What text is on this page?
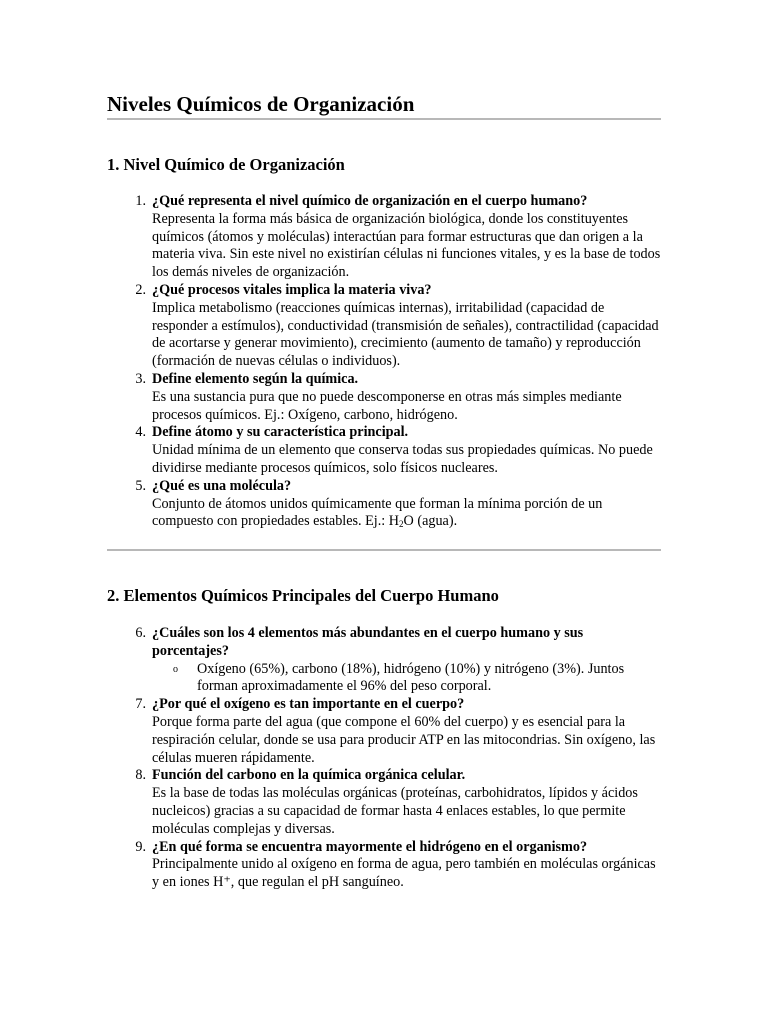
Niveles Químicos de Organización
1. Nivel Químico de Organización
1. ¿Qué representa el nivel químico de organización en el cuerpo humano?
Representa la forma más básica de organización biológica, donde los constituyentes químicos (átomos y moléculas) interactúan para formar estructuras que dan origen a la materia viva. Sin este nivel no existirían células ni funciones vitales, y es la base de todos los demás niveles de organización.
2. ¿Qué procesos vitales implica la materia viva?
Implica metabolismo (reacciones químicas internas), irritabilidad (capacidad de responder a estímulos), conductividad (transmisión de señales), contractilidad (capacidad de acortarse y generar movimiento), crecimiento (aumento de tamaño) y reproducción (formación de nuevas células o individuos).
3. Define elemento según la química.
Es una sustancia pura que no puede descomponerse en otras más simples mediante procesos químicos. Ej.: Oxígeno, carbono, hidrógeno.
4. Define átomo y su característica principal.
Unidad mínima de un elemento que conserva todas sus propiedades químicas. No puede dividirse mediante procesos químicos, solo físicos nucleares.
5. ¿Qué es una molécula?
Conjunto de átomos unidos químicamente que forman la mínima porción de un compuesto con propiedades estables. Ej.: $H_2O$ (agua).
2. Elementos Químicos Principales del Cuerpo Humano
6. ¿Cuáles son los 4 elementos más abundantes en el cuerpo humano y sus porcentajes?
o Oxígeno (65%), carbono (18%), hidrógeno (10%) y nitrógeno (3%). Juntos forman aproximadamente el 96% del peso corporal.
7. ¿Por qué el oxígeno es tan importante en el cuerpo?
Porque forma parte del agua (que compone el 60% del cuerpo) y es esencial para la respiración celular, donde se usa para producir ATP en las mitocondrias. Sin oxígeno, las células mueren rápidamente.
8. Función del carbono en la química orgánica celular.
Es la base de todas las moléculas orgánicas (proteínas, carbohidratos, lípidos y ácidos nucleicos) gracias a su capacidad de formar hasta 4 enlaces estables, lo que permite moléculas complejas y diversas.
9. ¿En qué forma se encuentra mayormente el hidrógeno en el organismo?
Principalmente unido al oxígeno en forma de agua, pero también en moléculas orgánicas y en iones H⁺, que regulan el pH sanguíneo.
